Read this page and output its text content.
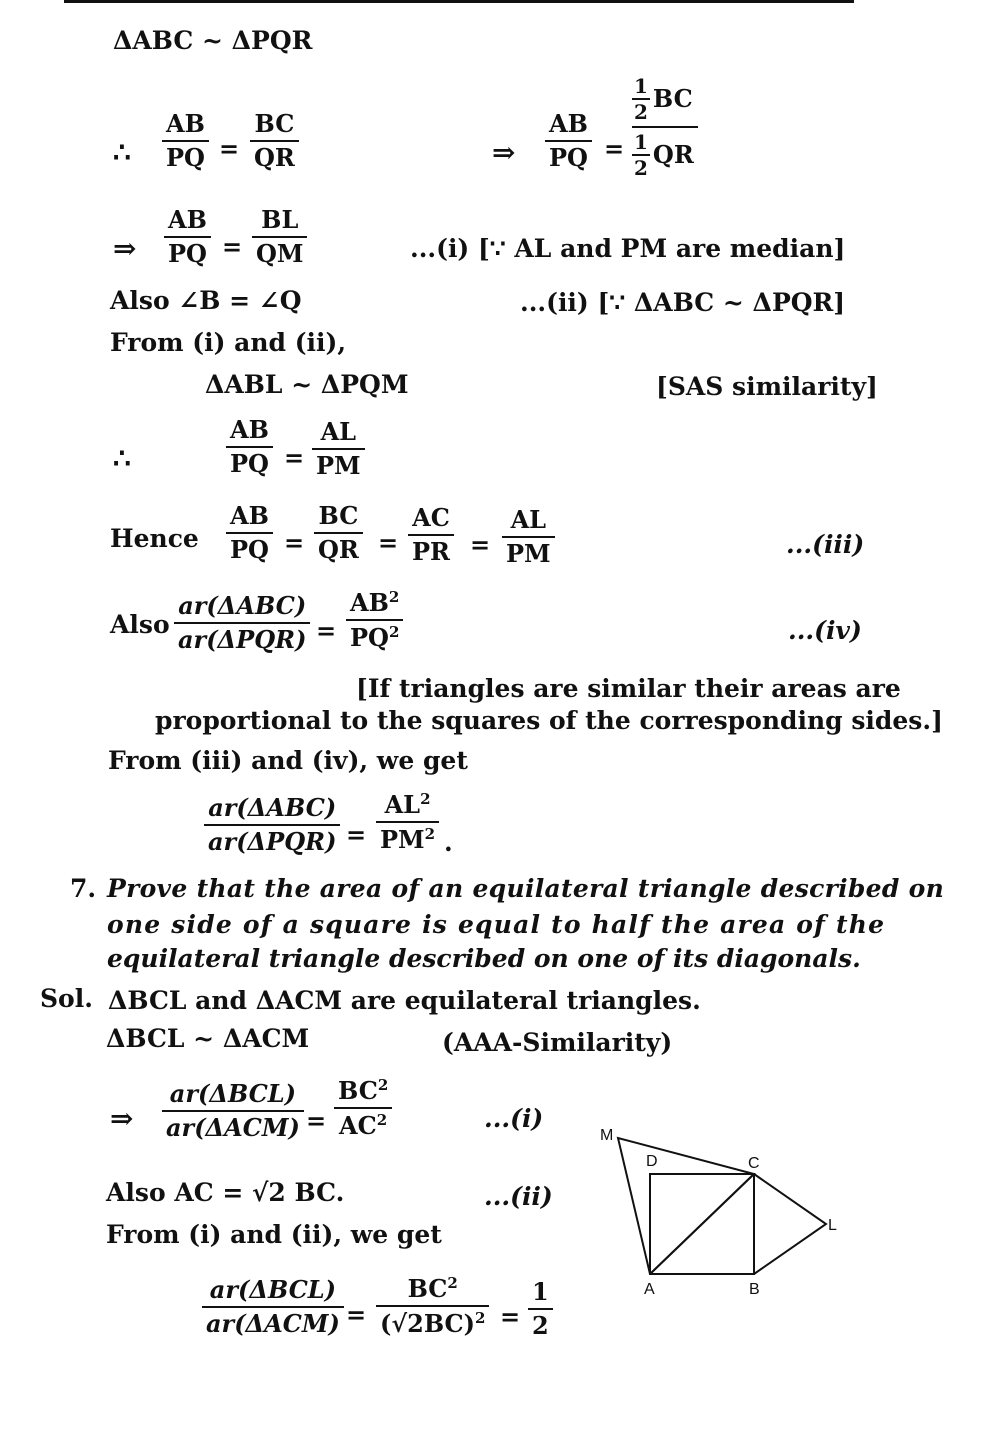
ΔABC ~ ΔPQR
∴ $\frac{AB}{PQ} = \frac{BC}{QR}$	⇒ $\frac{AB}{PQ}$ =
1
2 BC
1
2 QR
⇒ $\frac{AB}{PQ} = \frac{BL}{QM}$	...(i) [∵ AL and PM are median]
Also ∠B = ∠Q	...(ii) [∵ ΔABC ~ ΔPQR]
From (i) and (ii),
ΔABL ~ ΔPQM	[SAS similarity]
∴	$\frac{AB}{PQ} = \frac{AL}{PM}$
Hence $\frac{AB}{PQ} = \frac{BC}{QR} = \frac{AC}{PR} = \frac{AL}{PM}$	...(iii)
Also
ar(ΔABC)
$ar(\Delta PQR) = \frac{AB^2}{PQ^2}$	...(iv)
[If triangles are similar their areas are
proportional to the squares of the corresponding sides.]
From (iii) and (iv), we get
ar(ΔABC)
$ar(\Delta PQR) = \frac{AL^2}{PM^2}$ .
7. Prove that the area of an equilateral triangle described on
one side of a square is equal to half the area of the
equilateral triangle described on one of its diagonals.
Sol. ΔBCL and ΔACM are equilateral triangles.
ΔBCL ~ ΔACM	(AAA-Similarity)
⇒
ar(ΔBCL)
$ar(\Delta ACM) = \frac{BC^2}{AC^2}$	...(i)
Also AC = √2 BC.	...(ii)
From (i) and (ii), we get
ar(ΔBCL)
$ar(\Delta ACM) = \frac{BC^2}{(√2BC)^2} = \frac{1}{2}$
M
D	C
L
A	B
